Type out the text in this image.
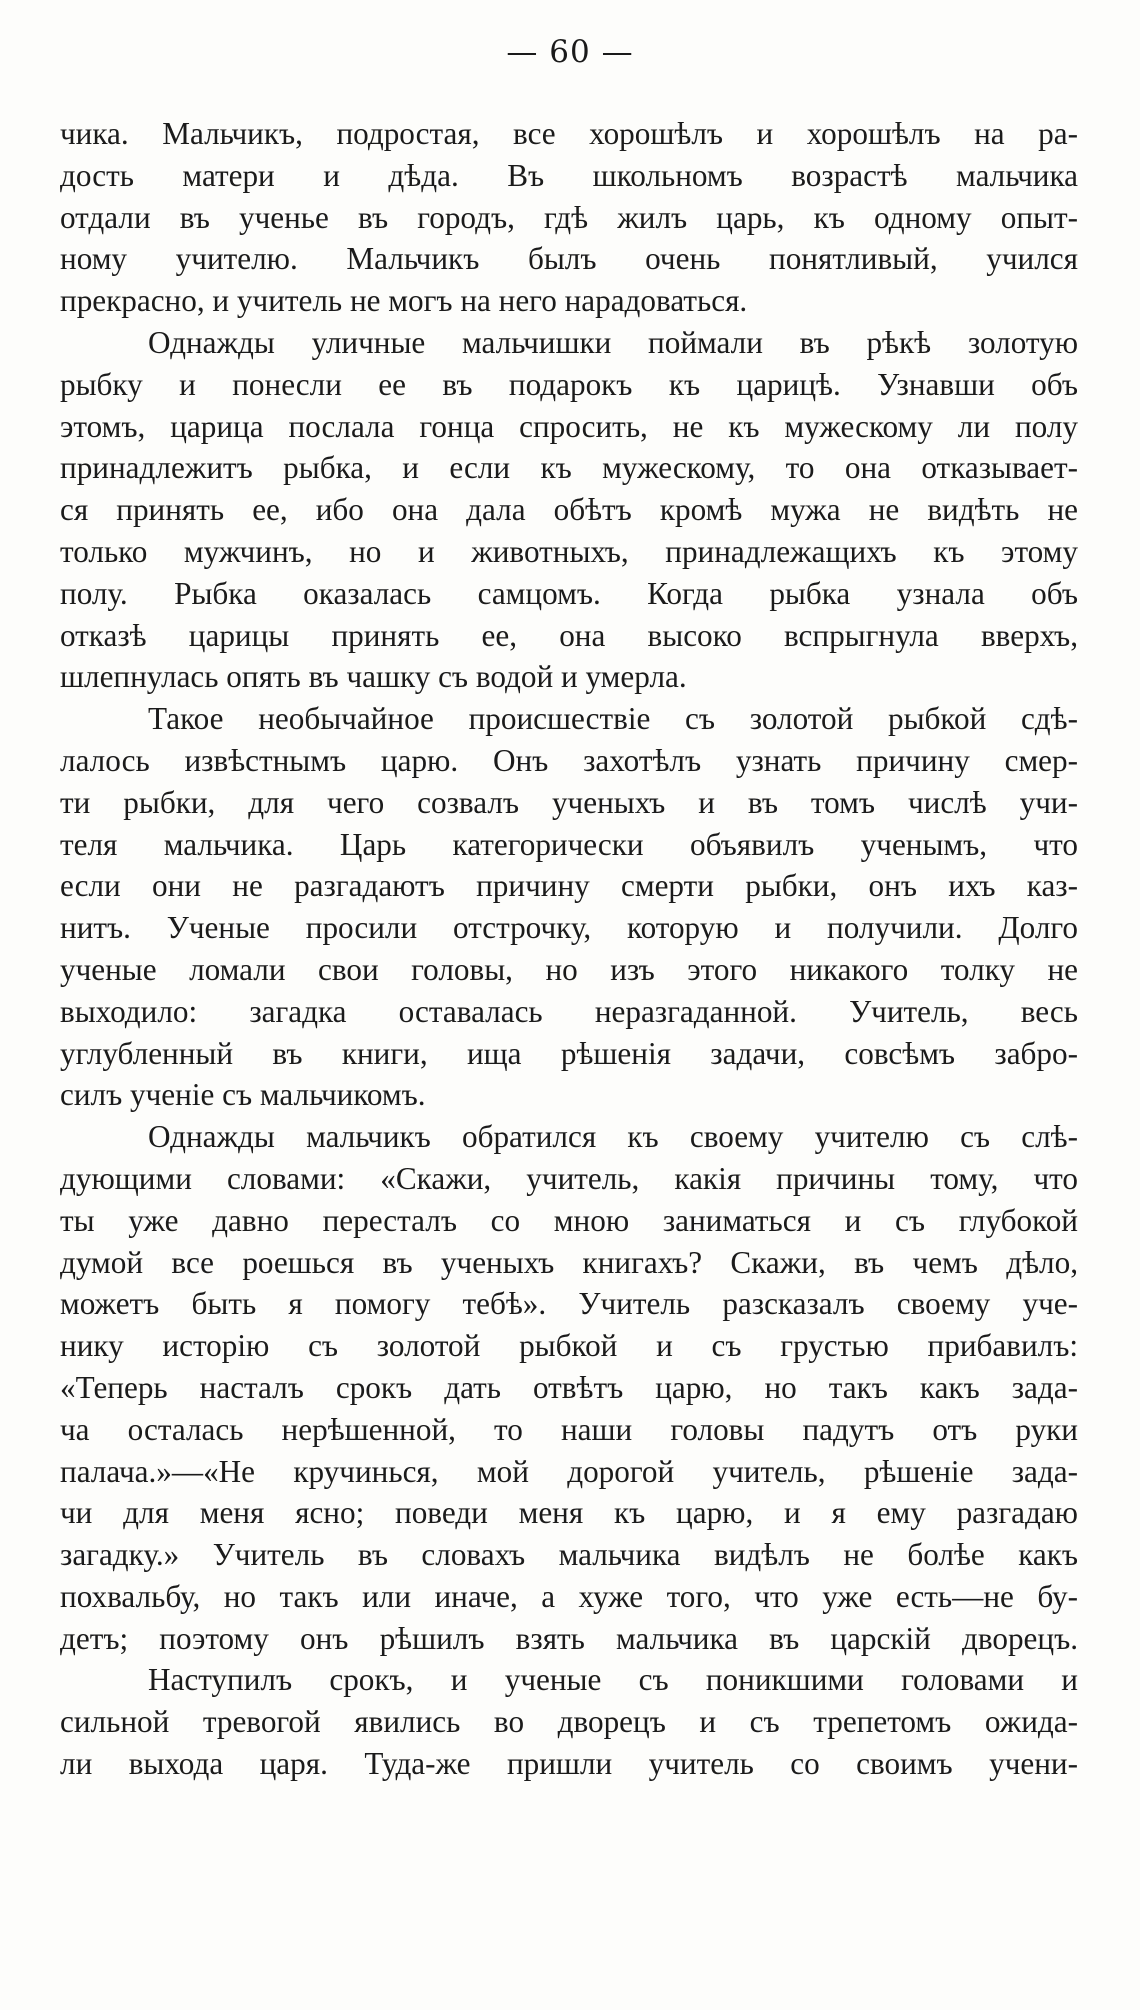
— 60 —
чика. Мальчикъ, подростая, все хорошѣлъ и хорошѣлъ на ра-
дость матери и дѣда. Въ школьномъ возрастѣ мальчика
отдали въ ученье въ городъ, гдѣ жилъ царь, къ одному опыт-
ному учителю. Мальчикъ былъ очень понятливый, учился
прекрасно, и учитель не могъ на него нарадоваться.
Однажды уличные мальчишки поймали въ рѣкѣ золотую
рыбку и понесли ее въ подарокъ къ царицѣ. Узнавши объ
этомъ, царица послала гонца спросить, не къ мужескому ли полу
принадлежитъ рыбка, и если къ мужескому, то она отказывает-
ся принять ее, ибо она дала обѣтъ кромѣ мужа не видѣть не
только мужчинъ, но и животныхъ, принадлежащихъ къ этому
полу. Рыбка оказалась самцомъ. Когда рыбка узнала объ
отказѣ царицы принять ее, она высоко вспрыгнула вверхъ,
шлепнулась опять въ чашку съ водой и умерла.
Такое необычайное происшествіе съ золотой рыбкой сдѣ-
лалось извѣстнымъ царю. Онъ захотѣлъ узнать причину смер-
ти рыбки, для чего созвалъ ученыхъ и въ томъ числѣ учи-
теля мальчика. Царь категорически объявилъ ученымъ, что
если они не разгадаютъ причину смерти рыбки, онъ ихъ каз-
нитъ. Ученые просили отстрочку, которую и получили. Долго
ученые ломали свои головы, но изъ этого никакого толку не
выходило: загадка оставалась неразгаданной. Учитель, весь
углубленный въ книги, ища рѣшенія задачи, совсѣмъ забро-
силъ ученіе съ мальчикомъ.
Однажды мальчикъ обратился къ своему учителю съ слѣ-
дующими словами: «Скажи, учитель, какія причины тому, что
ты уже давно пересталъ со мною заниматься и съ глубокой
думой все роешься въ ученыхъ книгахъ? Скажи, въ чемъ дѣло,
можетъ быть я помогу тебѣ». Учитель разсказалъ своему уче-
нику исторію съ золотой рыбкой и съ грустью прибавилъ:
«Теперь насталъ срокъ дать отвѣтъ царю, но такъ какъ зада-
ча осталась нерѣшенной, то наши головы падутъ отъ руки
палача.»—«Не кручинься, мой дорогой учитель, рѣшеніе зада-
чи для меня ясно; поведи меня къ царю, и я ему разгадаю
загадку.» Учитель въ словахъ мальчика видѣлъ не болѣе какъ
похвальбу, но такъ или иначе, а хуже того, что уже есть—не бу-
детъ; поэтому онъ рѣшилъ взять мальчика въ царскій дворецъ.
Наступилъ срокъ, и ученые съ поникшими головами и
сильной тревогой явились во дворецъ и съ трепетомъ ожида-
ли выхода царя. Туда-же пришли учитель со своимъ учени-
